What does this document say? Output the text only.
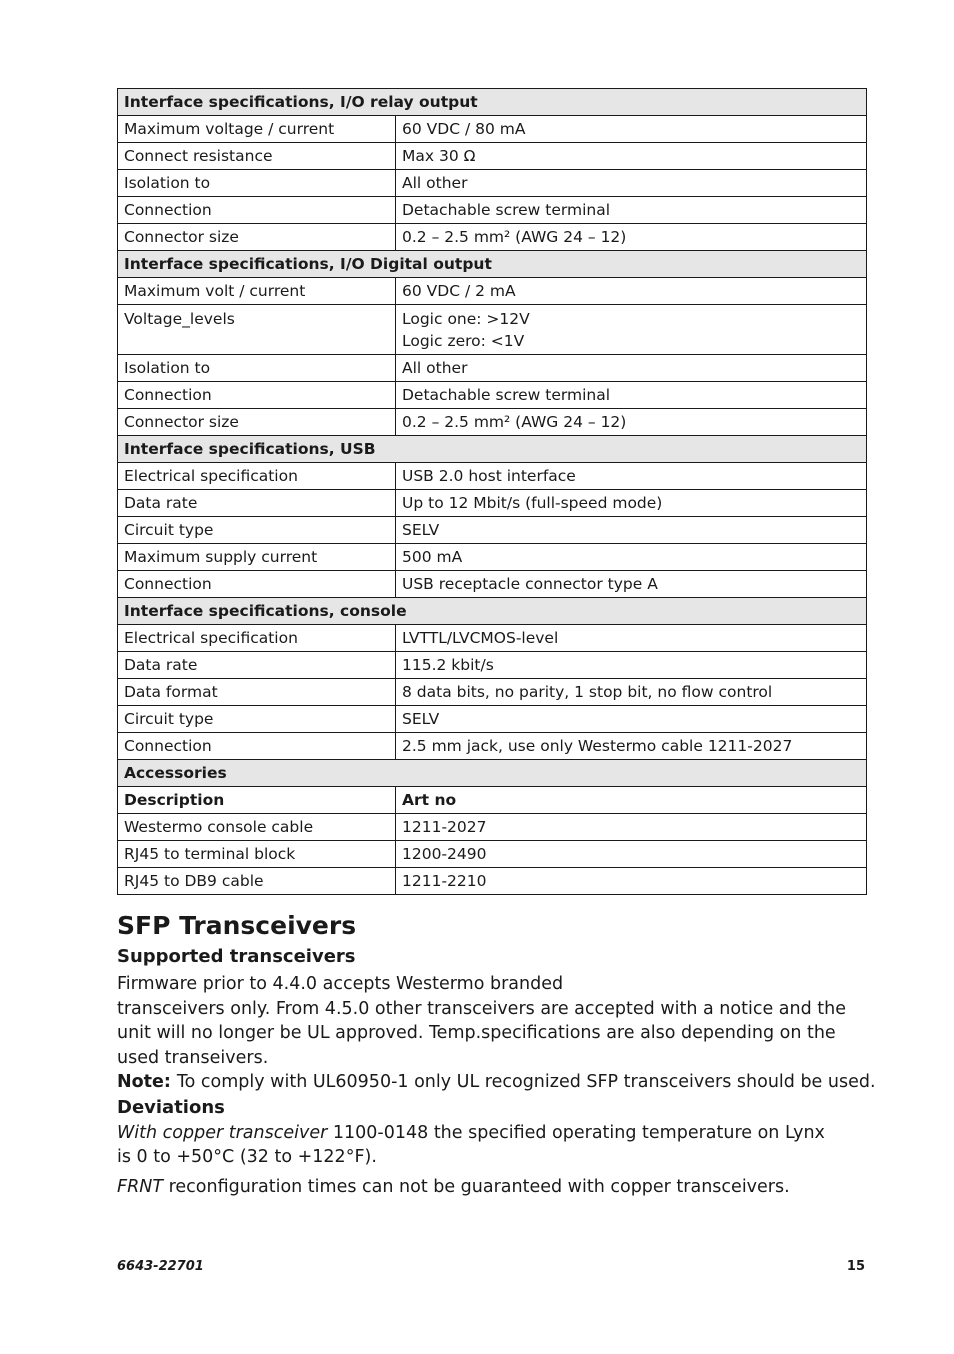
Interface specifications, I/O relay output	
Maximum voltage / current	60 VDC / 80 mA
Connect resistance	Max 30 Ω
Isolation to	All other
Connection	Detachable screw terminal
Connector size	0.2 – 2.5 mm² (AWG 24 – 12)
Interface specifications, I/O Digital output	
Maximum volt / current	60 VDC / 2 mA
Voltage_levels	Logic one: >12V
Logic zero: <1V

Isolation to	All other
Connection	Detachable screw terminal
Connector size	0.2 – 2.5 mm² (AWG 24 – 12)
Interface specifications, USB	
Electrical specification	USB 2.0 host interface
Data rate	Up to 12 Mbit/s (full-speed mode)
Circuit type	SELV
Maximum supply current	500 mA
Connection	USB receptacle connector type A
Interface specifications, console	
Electrical specification	LVTTL/LVCMOS-level
Data rate	115.2 kbit/s
Data format	8 data bits, no parity, 1 stop bit, no flow control
Circuit type	SELV
Connection	2.5 mm jack, use only Westermo cable 1211-2027
Accessories	
Description	Art no
Westermo console cable	1211-2027
RJ45 to terminal block	1200-2490
RJ45 to DB9 cable	1211-2210
SFP Transceivers
Supported transceivers

Firmware prior to 4.4.0 accepts Westermo branded
transceivers only. From 4.5.0 other transceivers are accepted with a notice and the
unit will no longer be UL approved. Temp.specifications are also depending on the
used transeivers.

Note: To comply with UL60950-1 only UL recognized SFP transceivers should be used.

Deviations

With copper transceiver 1100-0148 the specified operating temperature on Lynx
is 0 to +50°C (32 to +122°F).

FRNT reconfiguration times can not be guaranteed with copper transceivers.

6643-22701	15
